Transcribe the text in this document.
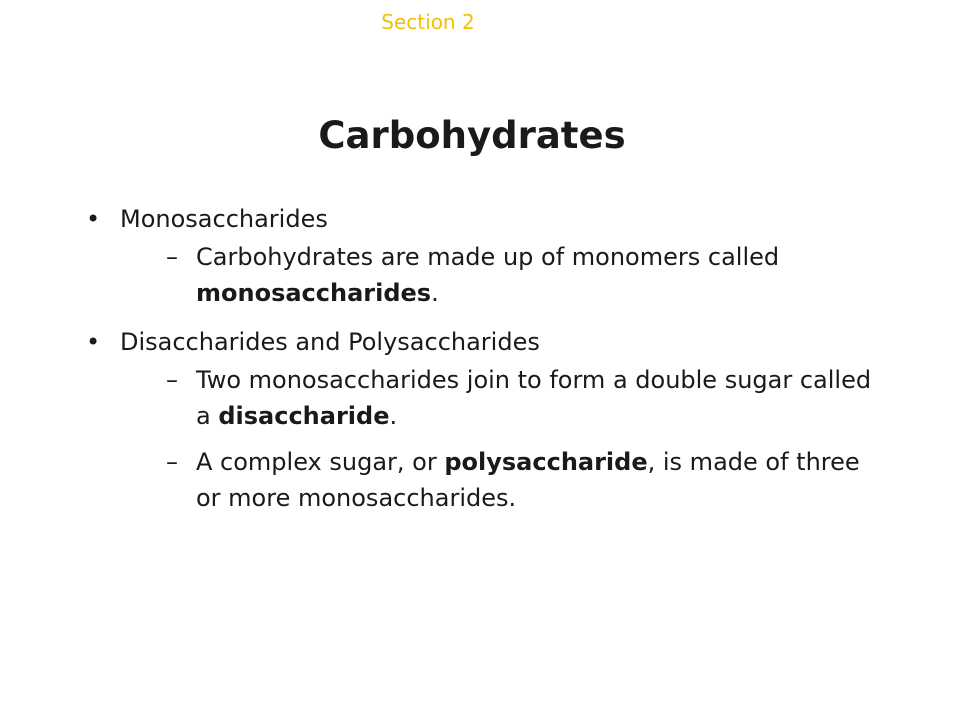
Section 2
Carbohydrates
• Monosaccharides
– Carbohydrates are made up of monomers called monosaccharides.
• Disaccharides and Polysaccharides
– Two monosaccharides join to form a double sugar called a disaccharide.
– A complex sugar, or polysaccharide, is made of three or more monosaccharides.
